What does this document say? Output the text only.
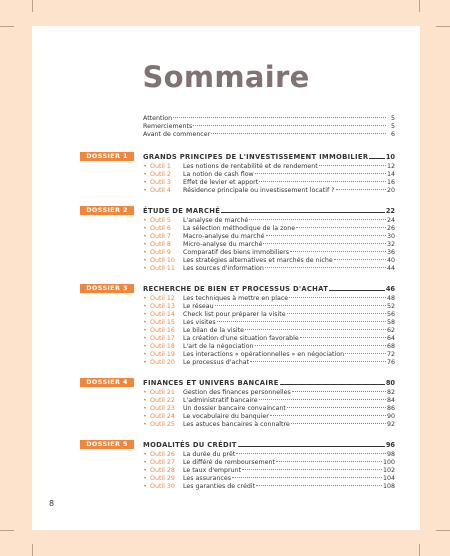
Sommaire
Attention	5
Remerciements	5
Avant de commencer	6
DOSSIER 1	GRANDS PRINCIPES DE L'INVESTISSEMENT IMMOBILIER	10
• Outil 1	Les notions de rentabilité et de rendement	12
• Outil 2	La notion de cash flow	14
• Outil 3	Effet de levier et apport	16
• Outil 4	Résidence principale ou investissement locatif ?	20
DOSSIER 2	ÉTUDE DE MARCHÉ	22
• Outil 5	L'analyse de marché	24
• Outil 6	La sélection méthodique de la zone	26
• Outil 7	Macro-analyse du marché	30
• Outil 8	Micro-analyse du marché	32
• Outil 9	Comparatif des biens immobiliers	36
• Outil 10	Les stratégies alternatives et marchés de niche	40
• Outil 11	Les sources d'information	44
DOSSIER 3	RECHERCHE DE BIEN ET PROCESSUS D'ACHAT	46
• Outil 12	Les techniques à mettre en place	48
• Outil 13	Le réseau	52
• Outil 14	Check list pour préparer la visite	56
• Outil 15	Les visites	58
• Outil 16	Le bilan de la visite	62
• Outil 17	La création d'une situation favorable	64
• Outil 18	L'art de la négociation	68
• Outil 19	Les interactions « opérationnelles » en négociation	72
• Outil 20	Le processus d'achat	76
DOSSIER 4	FINANCES ET UNIVERS BANCAIRE	80
• Outil 21	Gestion des finances personnelles	82
• Outil 22	L'administratif bancaire	84
• Outil 23	Un dossier bancaire convaincant	86
• Outil 24	Le vocabulaire du banquier	90
• Outil 25	Les astuces bancaires à connaître	92
DOSSIER 5	MODALITÉS DU CRÉDIT	96
• Outil 26	La durée du prêt	98
• Outil 27	Le différé de remboursement	100
• Outil 28	Le taux d'emprunt	102
• Outil 29	Les assurances	104
• Outil 30	Les garanties de crédit	108
8
